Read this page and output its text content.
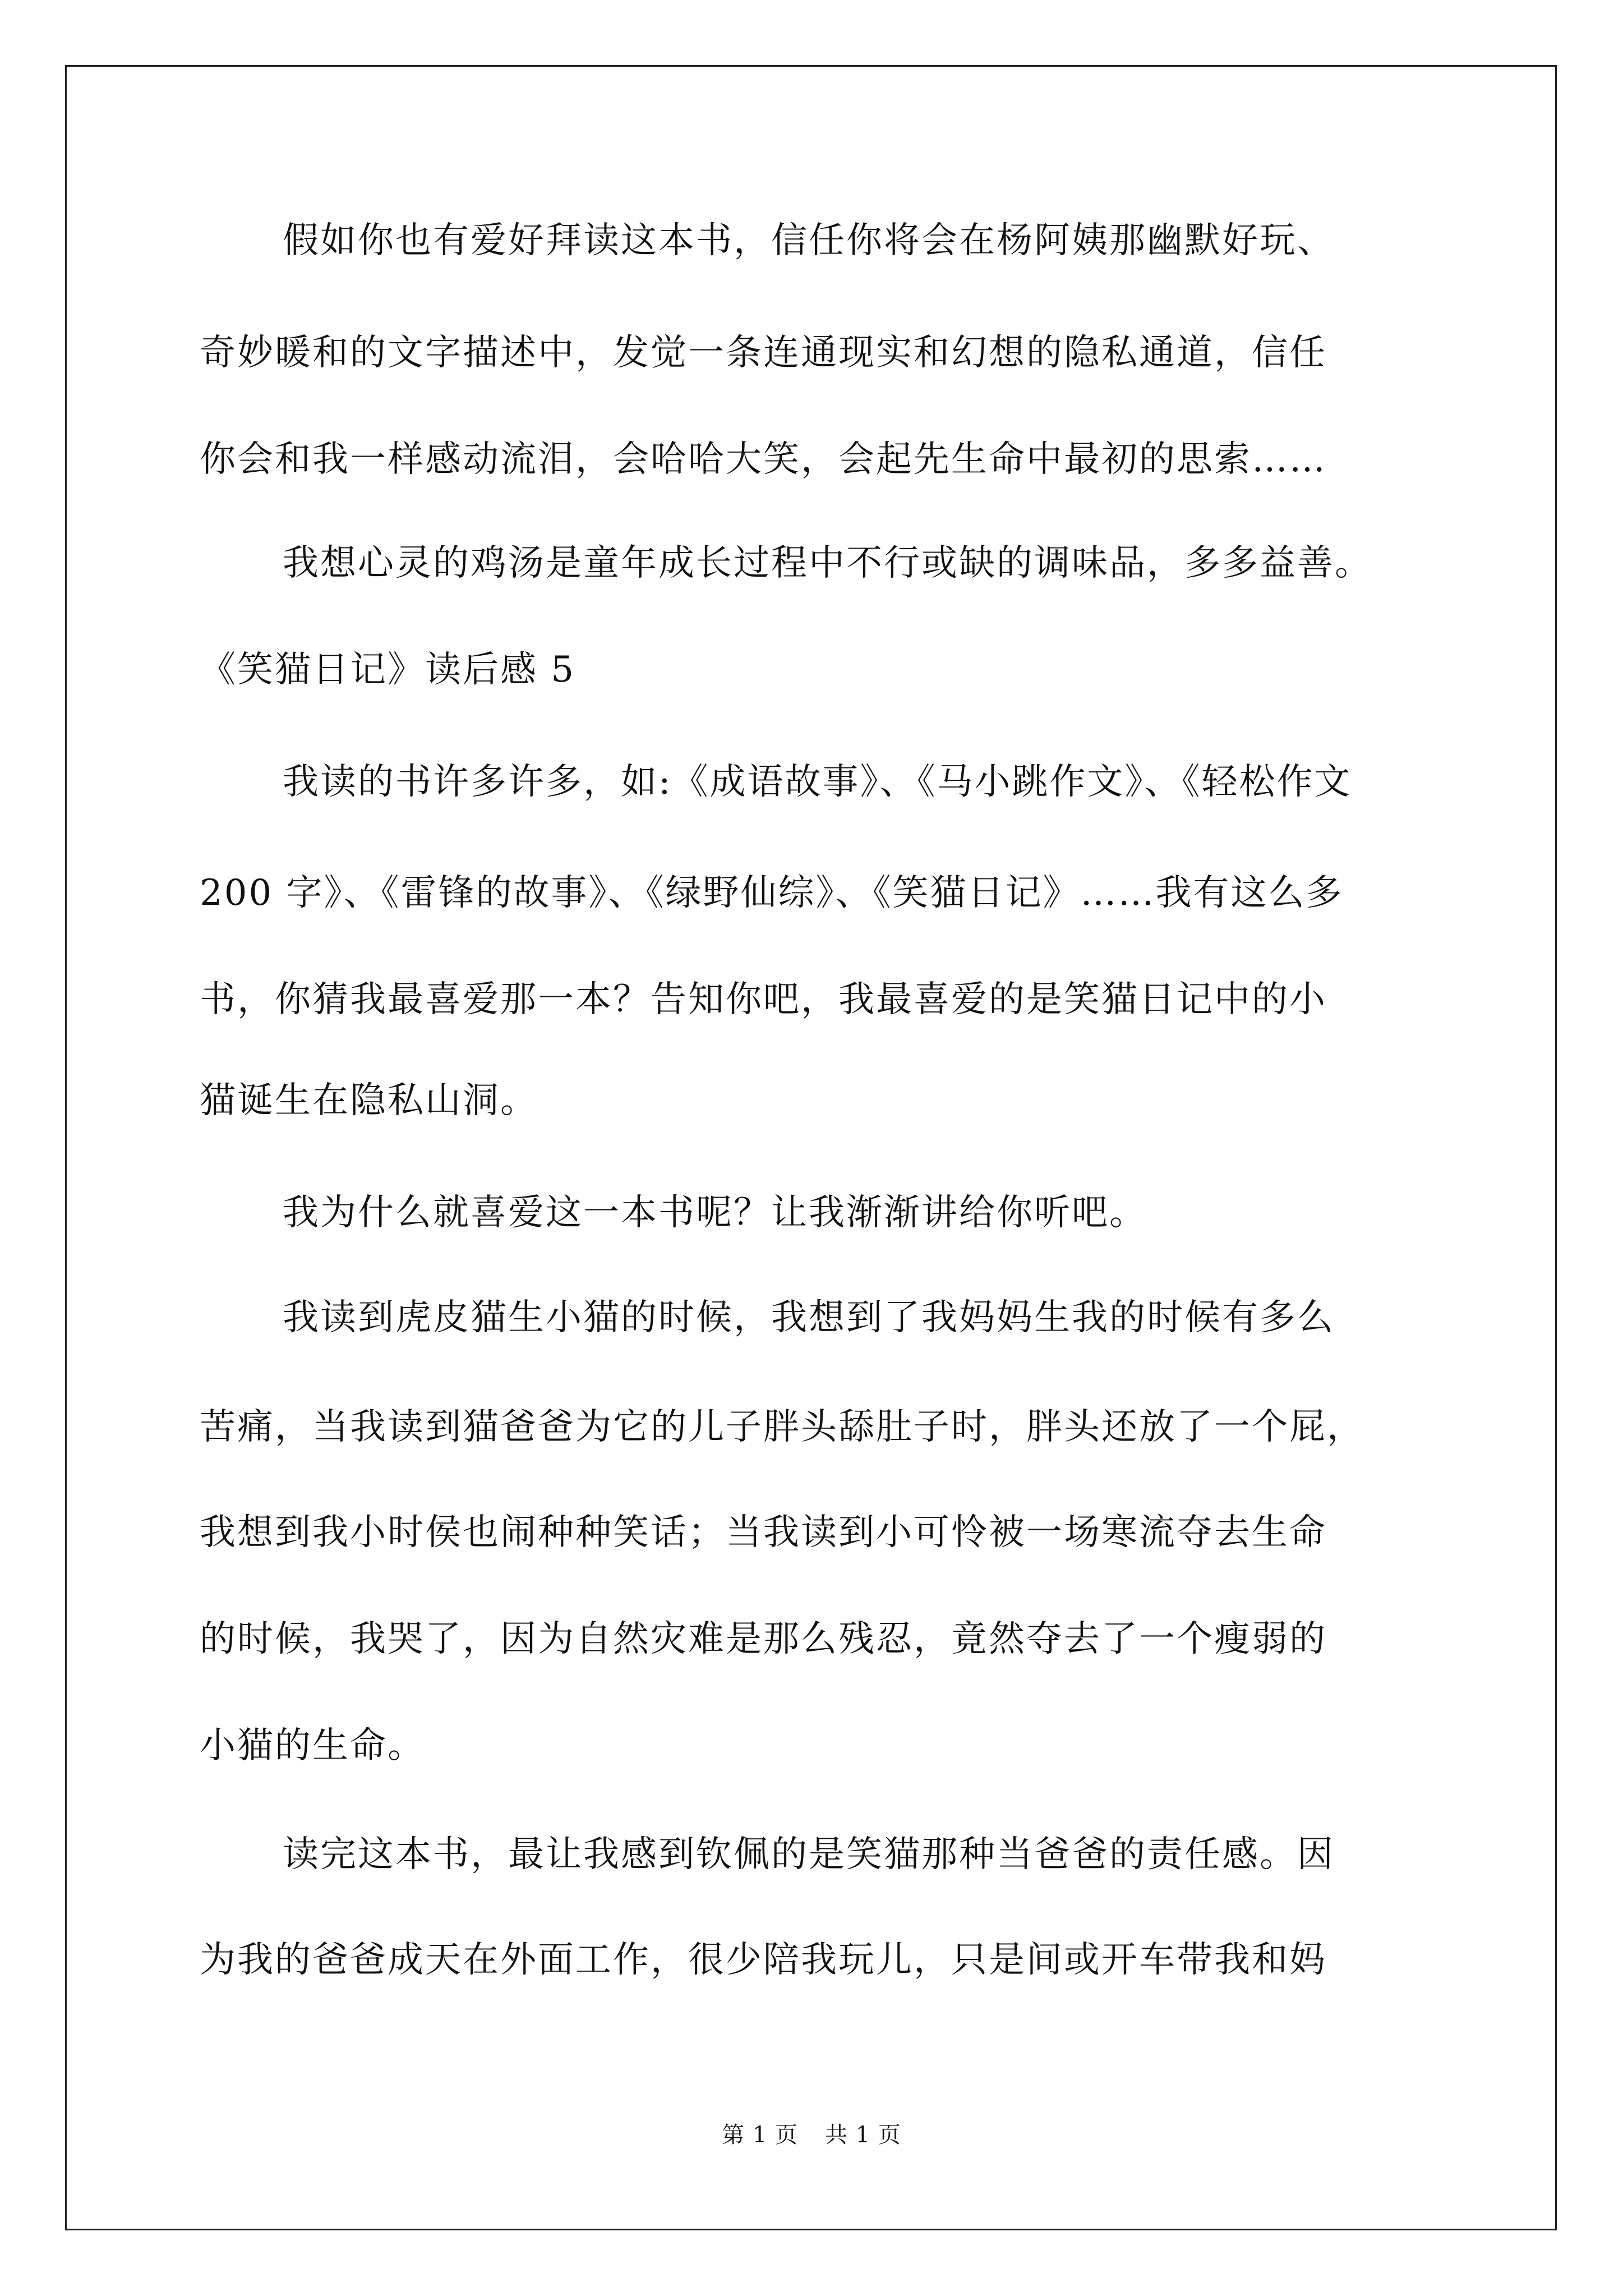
假如你也有爱好拜读这本书，信任你将会在杨阿姨那幽默好玩、
奇妙暖和的文字描述中，发觉一条连通现实和幻想的隐私通道，信任
你会和我一样感动流泪，会哈哈大笑，会起先生命中最初的思索……
我想心灵的鸡汤是童年成长过程中不行或缺的调味品，多多益善。
《笑猫日记》读后感 5
我读的书许多许多，如:《成语故事》、《马小跳作文》、《轻松作文
200 字》、《雷锋的故事》、《绿野仙综》、《笑猫日记》……我有这么多
书，你猜我最喜爱那一本？告知你吧，我最喜爱的是笑猫日记中的小
猫诞生在隐私山洞。
我为什么就喜爱这一本书呢？让我渐渐讲给你听吧。
我读到虎皮猫生小猫的时候，我想到了我妈妈生我的时候有多么
苦痛，当我读到猫爸爸为它的儿子胖头舔肚子时，胖头还放了一个屁，
我想到我小时侯也闹种种笑话；当我读到小可怜被一场寒流夺去生命
的时候，我哭了，因为自然灾难是那么残忍，竟然夺去了一个瘦弱的
小猫的生命。
读完这本书，最让我感到钦佩的是笑猫那种当爸爸的责任感。因
为我的爸爸成天在外面工作，很少陪我玩儿，只是间或开车带我和妈
第 1 页 共 1 页
